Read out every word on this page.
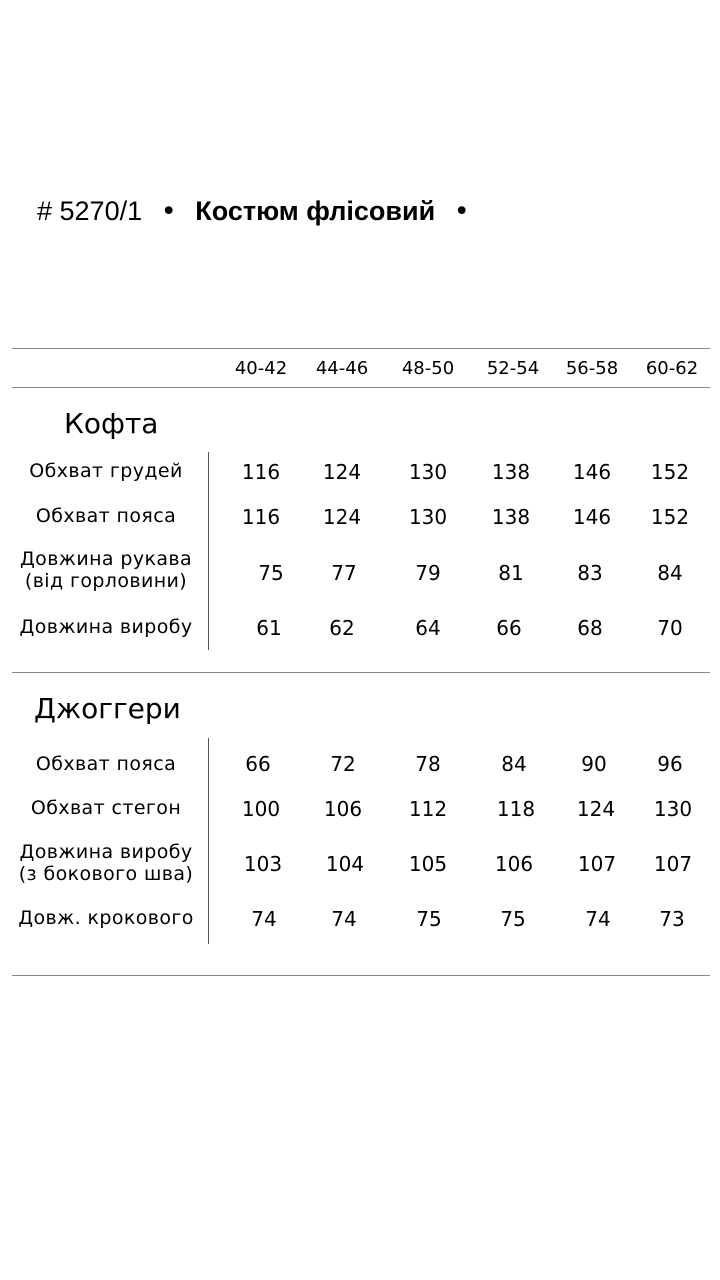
# 5270/1 • Костюм флісовий •
40-42	44-46	48-50	52-54	56-58	60-62
Кофта
Обхват грудей	116	124	130	138	146	152
Обхват пояса	116	124	130	138	146	152
Довжина рукава
(від горловини)	75	77	79	81	83	84
Довжина виробу	61	62	64	66	68	70
Джоггери
Обхват пояса	66	72	78	84	90	96
Обхват стегон	100	106	112	118	124	130
Довжина виробу
(з бокового шва)	103	104	105	106	107	107
Довж. крокового	74	74	75	75	74	73
